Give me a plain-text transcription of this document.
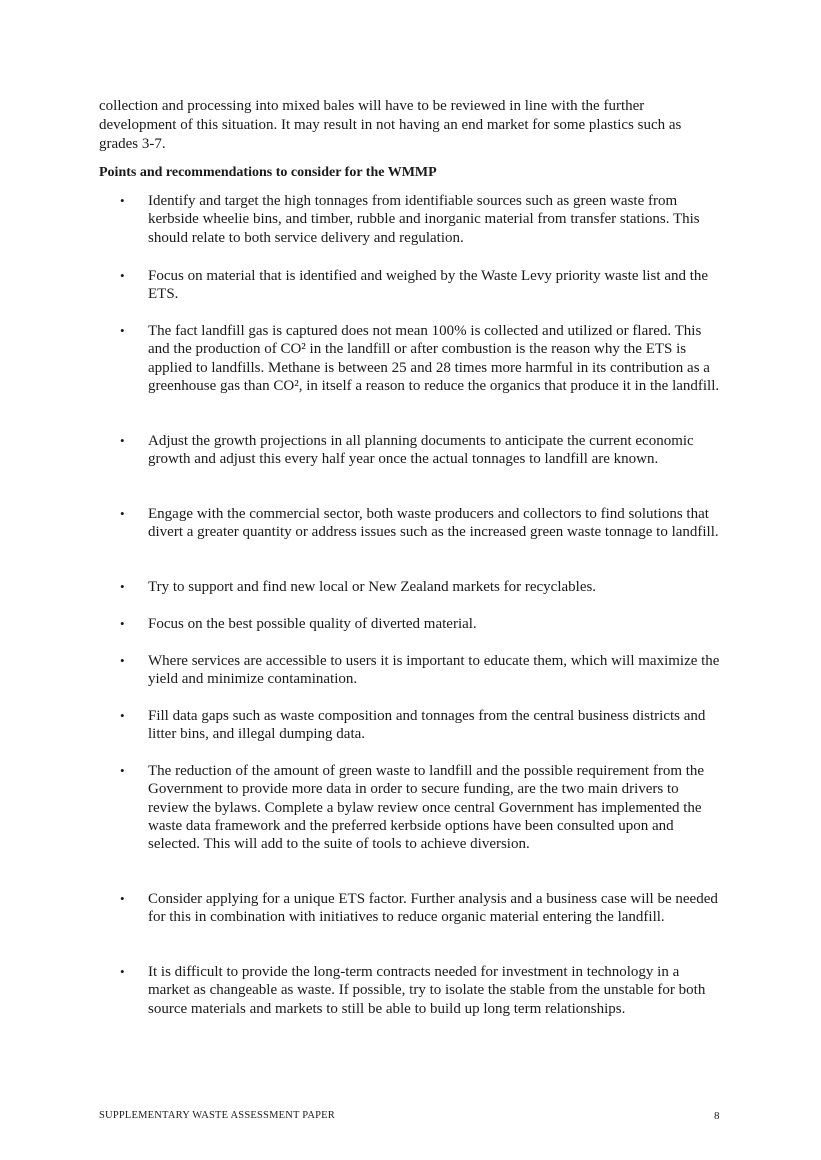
collection and processing into mixed bales will have to be reviewed in line with the further development of this situation. It may result in not having an end market for some plastics such as grades 3-7.

Points and recommendations to consider for the WMMP

•	Identify and target the high tonnages from identifiable sources such as green waste from kerbside wheelie bins, and timber, rubble and inorganic material from transfer stations. This should relate to both service delivery and regulation.
•	Focus on material that is identified and weighed by the Waste Levy priority waste list and the ETS.
•	The fact landfill gas is captured does not mean 100% is collected and utilized or flared. This and the production of CO² in the landfill or after combustion is the reason why the ETS is applied to landfills. Methane is between 25 and 28 times more harmful in its contribution as a greenhouse gas than CO², in itself a reason to reduce the organics that produce it in the landfill.
•	Adjust the growth projections in all planning documents to anticipate the current economic growth and adjust this every half year once the actual tonnages to landfill are known.
•	Engage with the commercial sector, both waste producers and collectors to find solutions that divert a greater quantity or address issues such as the increased green waste tonnage to landfill.
•	Try to support and find new local or New Zealand markets for recyclables.
•	Focus on the best possible quality of diverted material.
•	Where services are accessible to users it is important to educate them, which will maximize the yield and minimize contamination.
•	Fill data gaps such as waste composition and tonnages from the central business districts and litter bins, and illegal dumping data.
•	The reduction of the amount of green waste to landfill and the possible requirement from the Government to provide more data in order to secure funding, are the two main drivers to review the bylaws. Complete a bylaw review once central Government has implemented the waste data framework and the preferred kerbside options have been consulted upon and selected. This will add to the suite of tools to achieve diversion.
•	Consider applying for a unique ETS factor. Further analysis and a business case will be needed for this in combination with initiatives to reduce organic material entering the landfill.
•	It is difficult to provide the long-term contracts needed for investment in technology in a market as changeable as waste. If possible, try to isolate the stable from the unstable for both source materials and markets to still be able to build up long term relationships.

SUPPLEMENTARY WASTE ASSESSMENT PAPER	8
